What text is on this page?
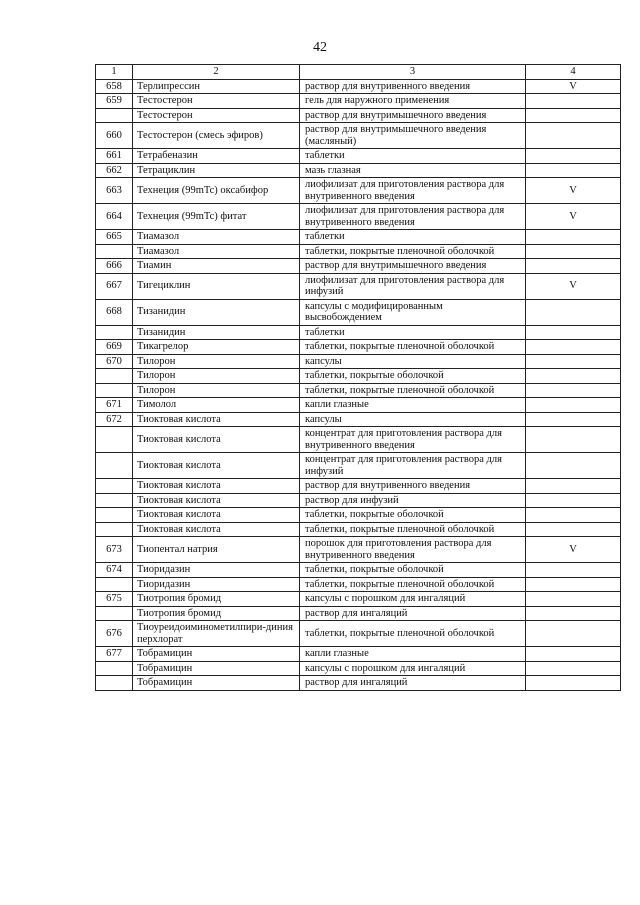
42
1	2	3	4
658	Терлипрессин	раствор для внутривенного введения	V
659	Тестостерон	гель для наружного применения	
	Тестостерон	раствор для внутримышечного введения	
660	Тестостерон (смесь эфиров)	раствор для внутримышечного введения (масляный)	
661	Тетрабеназин	таблетки	
662	Тетрациклин	мазь глазная	
663	Технеция (99mTc) оксабифор	лиофилизат для приготовления раствора для внутривенного введения	V
664	Технеция (99mTc) фитат	лиофилизат для приготовления раствора для внутривенного введения	V
665	Тиамазол	таблетки	
	Тиамазол	таблетки, покрытые пленочной оболочкой	
666	Тиамин	раствор для внутримышечного введения	
667	Тигециклин	лиофилизат для приготовления раствора для инфузий	V
668	Тизанидин	капсулы с модифицированным высвобождением	
	Тизанидин	таблетки	
669	Тикагрелор	таблетки, покрытые пленочной оболочкой	
670	Тилорон	капсулы	
	Тилорон	таблетки, покрытые оболочкой	
	Тилорон	таблетки, покрытые пленочной оболочкой	
671	Тимолол	капли глазные	
672	Тиоктовая кислота	капсулы	
	Тиоктовая кислота	концентрат для приготовления раствора для внутривенного введения	
	Тиоктовая кислота	концентрат для приготовления раствора для инфузий	
	Тиоктовая кислота	раствор для внутривенного введения	
	Тиоктовая кислота	раствор для инфузий	
	Тиоктовая кислота	таблетки, покрытые оболочкой	
	Тиоктовая кислота	таблетки, покрытые пленочной оболочкой	
673	Тиопентал натрия	порошок для приготовления раствора для внутривенного введения	V
674	Тиоридазин	таблетки, покрытые оболочкой	
	Тиоридазин	таблетки, покрытые пленочной оболочкой	
675	Тиотропия бромид	капсулы с порошком для ингаляций	
	Тиотропия бромид	раствор для ингаляций	
676	Тиоуреидоиминометилпири-диния перхлорат	таблетки, покрытые пленочной оболочкой	
677	Тобрамицин	капли глазные	
	Тобрамицин	капсулы с порошком для ингаляций	
	Тобрамицин	раствор для ингаляций	
